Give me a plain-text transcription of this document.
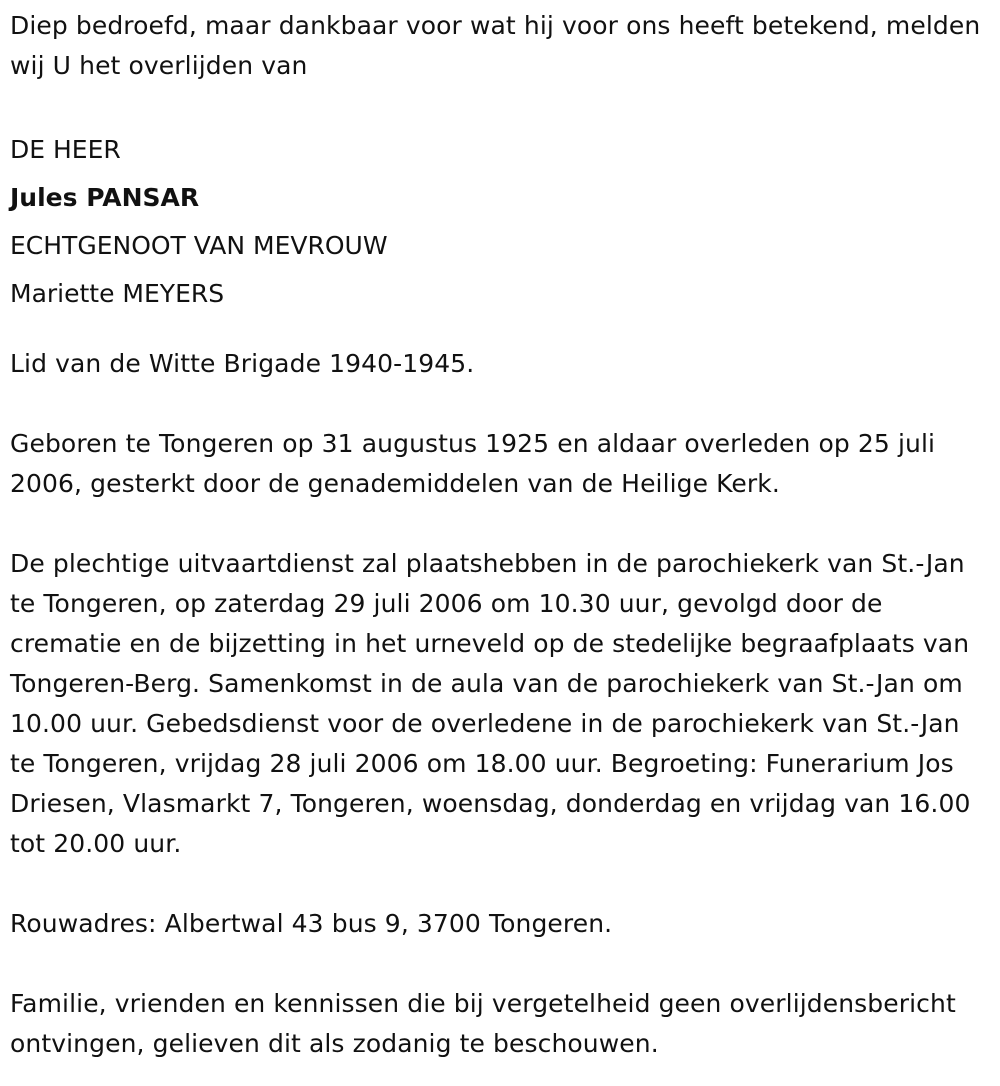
Diep bedroefd, maar dankbaar voor wat hij voor ons heeft betekend, melden wij U het overlijden van

DE HEER
Jules PANSAR
ECHTGENOOT VAN MEVROUW
Mariette MEYERS

Lid van de Witte Brigade 1940-1945.

Geboren te Tongeren op 31 augustus 1925 en aldaar overleden op 25 juli 2006, gesterkt door de genademiddelen van de Heilige Kerk.

De plechtige uitvaartdienst zal plaatshebben in de parochiekerk van St.-Jan te Tongeren, op zaterdag 29 juli 2006 om 10.30 uur, gevolgd door de crematie en de bijzetting in het urneveld op de stedelijke begraafplaats van Tongeren-Berg. Samenkomst in de aula van de parochiekerk van St.-Jan om 10.00 uur. Gebedsdienst voor de overledene in de parochiekerk van St.-Jan te Tongeren, vrijdag 28 juli 2006 om 18.00 uur. Begroeting: Funerarium Jos Driesen, Vlasmarkt 7, Tongeren, woensdag, donderdag en vrijdag van 16.00 tot 20.00 uur.

Rouwadres: Albertwal 43 bus 9, 3700 Tongeren.

Familie, vrienden en kennissen die bij vergetelheid geen overlijdensbericht ontvingen, gelieven dit als zodanig te beschouwen.
